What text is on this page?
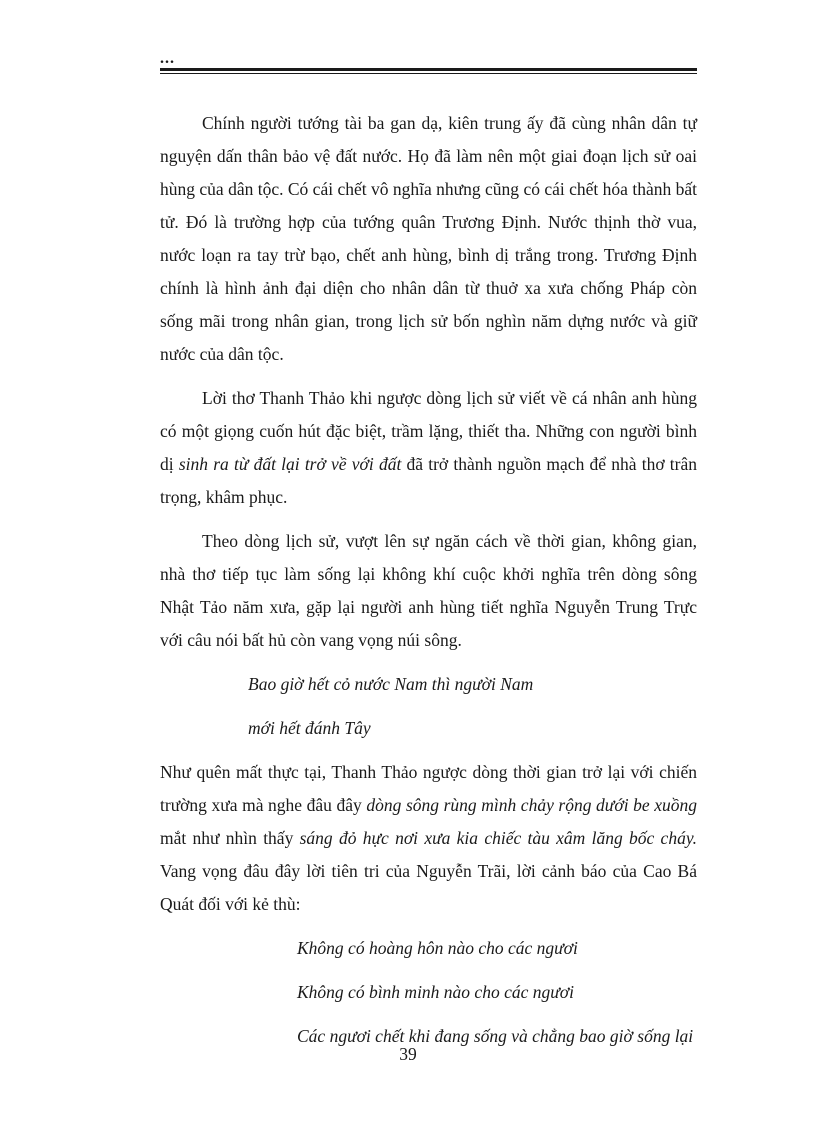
...

Chính người tướng tài ba gan dạ, kiên trung ấy đã cùng nhân dân tự nguyện dấn thân bảo vệ đất nước. Họ đã làm nên một giai đoạn lịch sử oai hùng của dân tộc. Có cái chết vô nghĩa nhưng cũng có cái chết hóa thành bất tử. Đó là trường hợp của tướng quân Trương Định. Nước thịnh thờ vua, nước loạn ra tay trừ bạo, chết anh hùng, bình dị trắng trong. Trương Định chính là hình ảnh đại diện cho nhân dân từ thuở xa xưa chống Pháp còn sống mãi trong nhân gian, trong lịch sử bốn nghìn năm dựng nước và giữ nước của dân tộc.

Lời thơ Thanh Thảo khi ngược dòng lịch sử viết về cá nhân anh hùng có một giọng cuốn hút đặc biệt, trầm lặng, thiết tha. Những con người bình dị sinh ra từ đất lại trở về với đất đã trở thành nguồn mạch để nhà thơ trân trọng, khâm phục.

Theo dòng lịch sử, vượt lên sự ngăn cách về thời gian, không gian, nhà thơ tiếp tục làm sống lại không khí cuộc khởi nghĩa trên dòng sông Nhật Tảo năm xưa, gặp lại người anh hùng tiết nghĩa Nguyễn Trung Trực với câu nói bất hủ còn vang vọng núi sông.

Bao giờ hết cỏ nước Nam thì người Nam

mới hết đánh Tây

Như quên mất thực tại, Thanh Thảo ngược dòng thời gian trở lại với chiến trường xưa mà nghe đâu đây dòng sông rùng mình chảy rộng dưới be xuồng mắt như nhìn thấy sáng đỏ hực nơi xưa kia chiếc tàu xâm lăng bốc cháy. Vang vọng đâu đây lời tiên tri của Nguyễn Trãi, lời cảnh báo của Cao Bá Quát đối với kẻ thù:

Không có hoàng hôn nào cho các ngươi

Không có bình minh nào cho các ngươi

Các ngươi chết khi đang sống và chẳng bao giờ sống lại

39
